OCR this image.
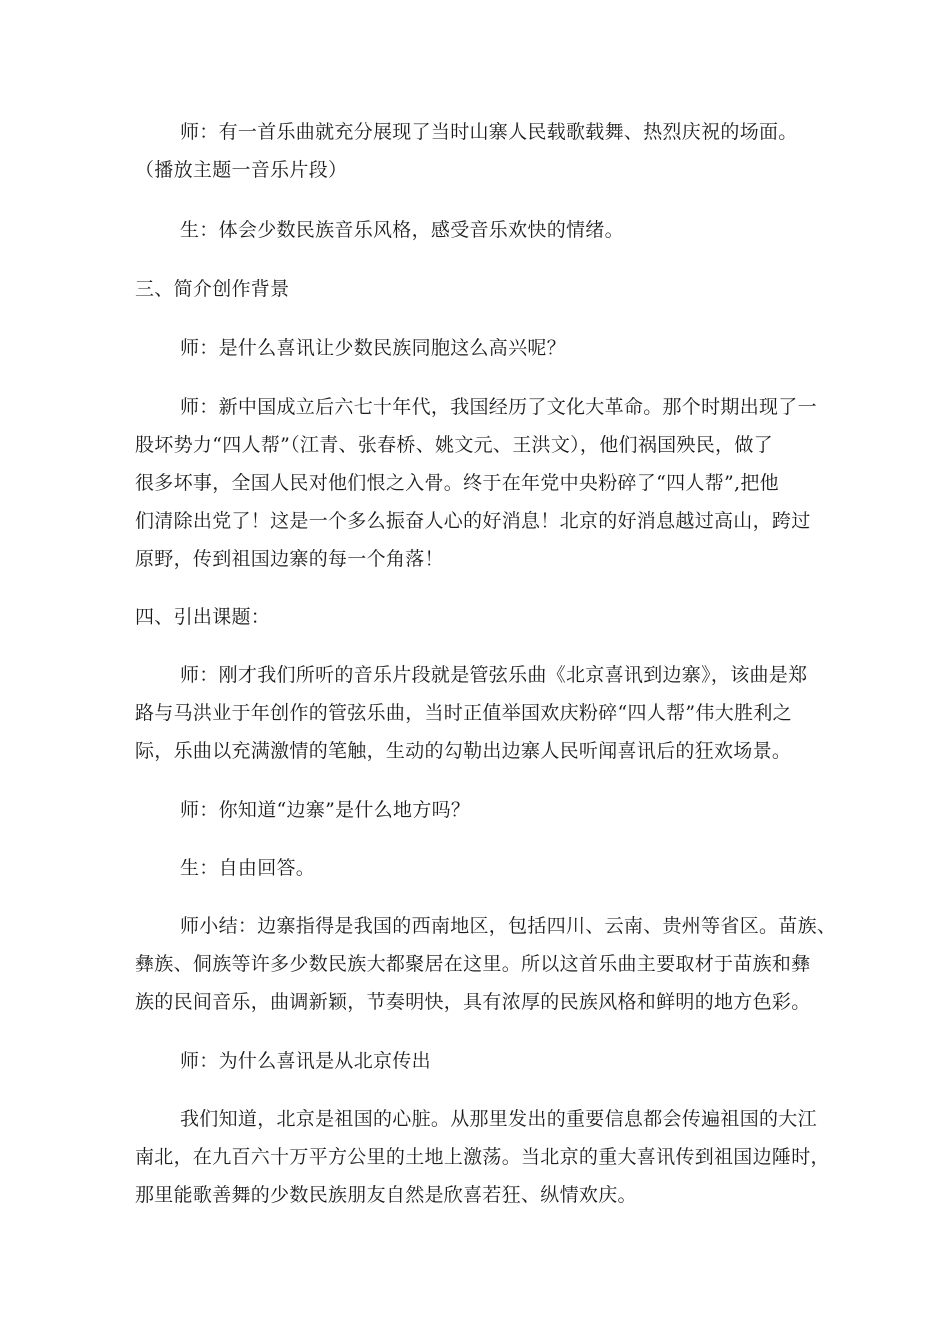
师：有一首乐曲就充分展现了当时山寨人民载歌载舞、热烈庆祝的场面。
（播放主题一音乐片段）
生：体会少数民族音乐风格，感受音乐欢快的情绪。
三、简介创作背景
师：是什么喜讯让少数民族同胞这么高兴呢？
师：新中国成立后六七十年代，我国经历了文化大革命。那个时期出现了一
股坏势力“四人帮”（江青、张春桥、姚文元、王洪文），他们祸国殃民，做了
很多坏事，全国人民对他们恨之入骨。终于在年党中央粉碎了“四人帮”,把他
们清除出党了！这是一个多么振奋人心的好消息！北京的好消息越过高山，跨过
原野，传到祖国边寨的每一个角落！
四、引出课题：
师：刚才我们所听的音乐片段就是管弦乐曲《北京喜讯到边寨》，该曲是郑
路与马洪业于年创作的管弦乐曲，当时正值举国欢庆粉碎“四人帮”伟大胜利之
际，乐曲以充满激情的笔触，生动的勾勒出边寨人民听闻喜讯后的狂欢场景。
师：你知道“边寨”是什么地方吗？
生：自由回答。
师小结：边寨指得是我国的西南地区，包括四川、云南、贵州等省区。苗族、
彝族、侗族等许多少数民族大都聚居在这里。所以这首乐曲主要取材于苗族和彝
族的民间音乐，曲调新颖，节奏明快，具有浓厚的民族风格和鲜明的地方色彩。
师：为什么喜讯是从北京传出
我们知道，北京是祖国的心脏。从那里发出的重要信息都会传遍祖国的大江
南北，在九百六十万平方公里的土地上激荡。当北京的重大喜讯传到祖国边陲时，
那里能歌善舞的少数民族朋友自然是欣喜若狂、纵情欢庆。
